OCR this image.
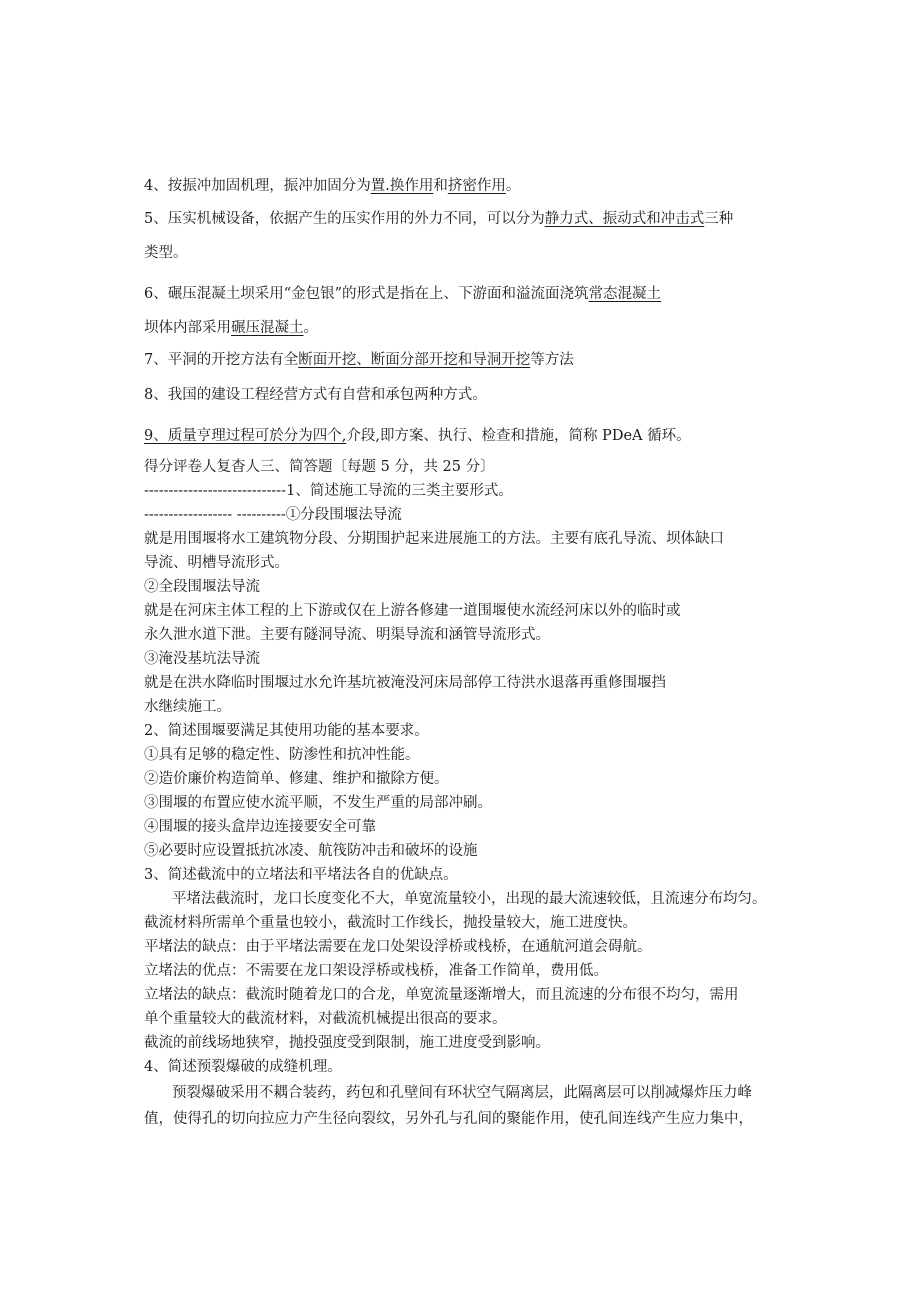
4、按振冲加固机理，振冲加固分为置.换作用和挤密作用。
5、压实机械设备，依据产生的压实作用的外力不同，可以分为静力式、振动式和冲击式三种
类型。
6、碾压混凝土坝采用“金包银”的形式是指在上、下游面和溢流面浇筑常态混凝土
坝体内部采用碾压混凝土。
7、平洞的开挖方法有全断面开挖、断面分部开挖和导洞开挖等方法
8、我国的建设工程经营方式有自营和承包两种方式。
9、质量亨理过程可於分为四个,介段,即方案、执行、检查和措施，简称 PDeA 循环。
得分评卷人复杳人三、简答题〔每题 5 分，共 25 分〕
-----------------------------1、简述施工导流的三类主要形式。
------------------ ----------①分段围堰法导流
就是用围堰将水工建筑物分段、分期围护起来进展施工的方法。主要有底孔导流、坝体缺口
导流、明槽导流形式。
②全段围堰法导流
就是在河床主体工程的上下游或仅在上游各修建一道围堰使水流经河床以外的临时或
永久泄水道下泄。主要有隧洞导流、明渠导流和涵管导流形式。
③淹没基坑法导流
就是在洪水降临时围堰过水允许基坑被淹没河床局部停工待洪水退落再重修围堰挡
水继续施工。
2、简述围堰要满足其使用功能的基本要求。
①具有足够的稳定性、防渗性和抗冲性能。
②造价廉价构造简单、修建、维护和撤除方便。
③围堰的布置应使水流平顺，不发生严重的局部冲刷。
④围堰的接头盒岸边连接要安全可靠
⑤必要时应设置抵抗冰凌、航筏防冲击和破坏的设施
3、简述截流中的立堵法和平堵法各自的优缺点。
平堵法截流时，龙口长度变化不大，单宽流量较小，出现的最大流速较低，且流速分布均匀。
截流材料所需单个重量也较小，截流时工作线长，抛投量较大，施工进度快。
平堵法的缺点：由于平堵法需要在龙口处架设浮桥或栈桥，在通航河道会碍航。
立堵法的优点：不需要在龙口架设浮桥或栈桥，准备工作简单，费用低。
立堵法的缺点：截流时随着龙口的合龙，单宽流量逐渐增大，而且流速的分布很不均匀，需用
单个重量较大的截流材料，对截流机械提出很高的要求。
截流的前线场地狭窄，抛投强度受到限制，施工进度受到影响。
4、简述预裂爆破的成缝机理。
预裂爆破采用不耦合装药，药包和孔壁间有环状空气隔离层，此隔离层可以削减爆炸压力峰
值，使得孔的切向拉应力产生径向裂纹，另外孔与孔间的聚能作用，使孔间连线产生应力集中，
